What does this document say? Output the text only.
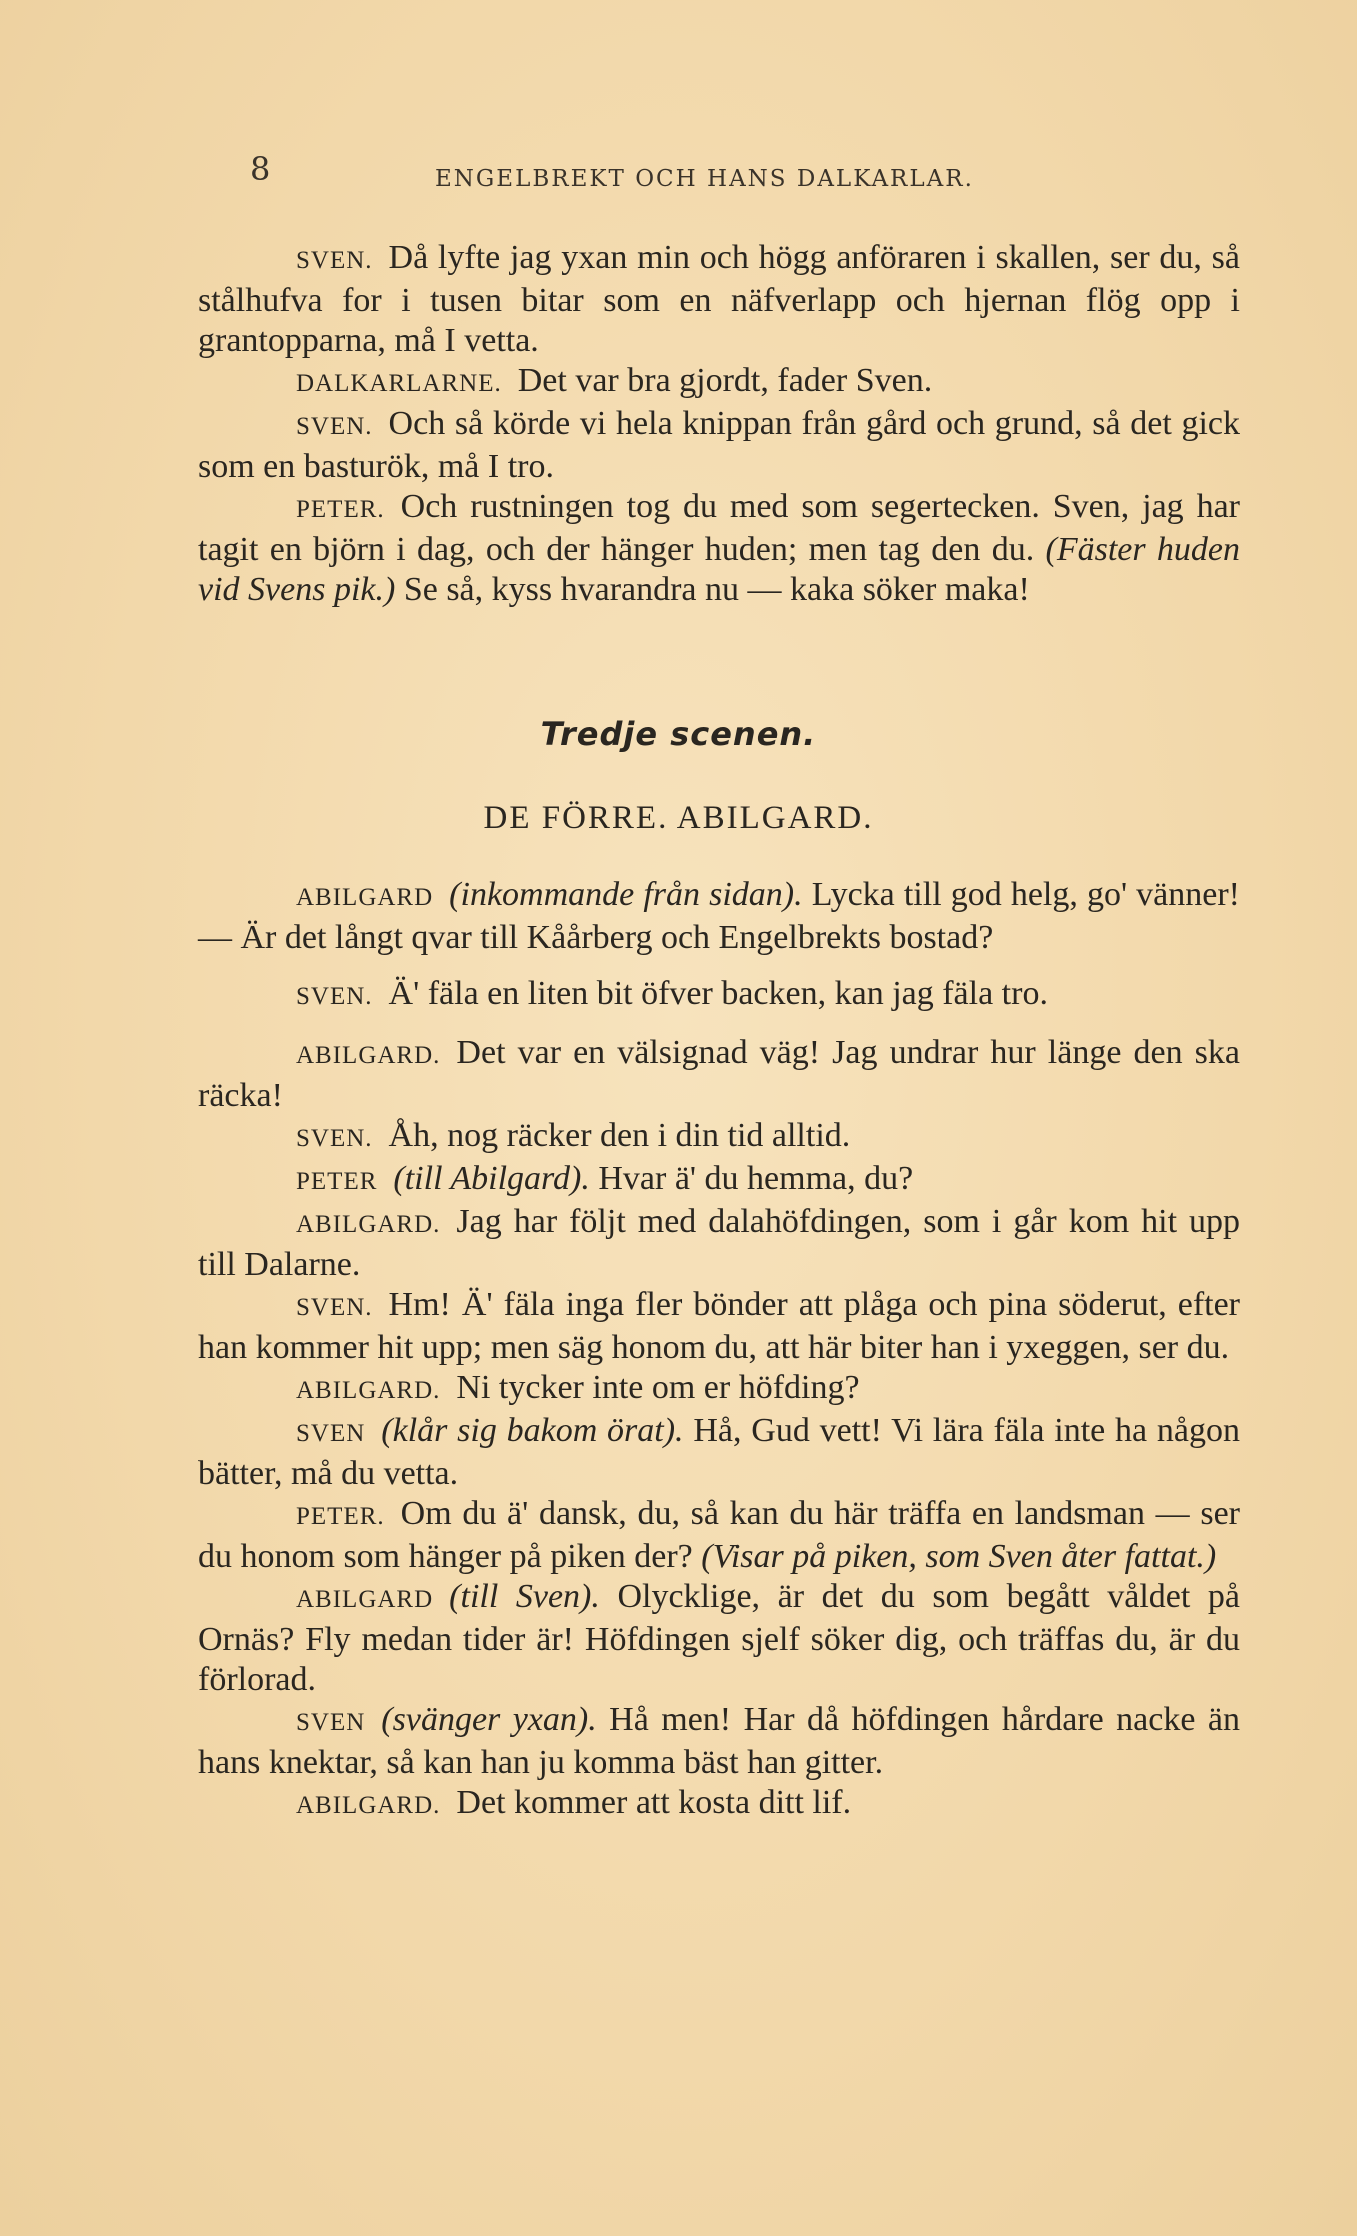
8	ENGELBREKT OCH HANS DALKARLAR.

SVEN. Då lyfte jag yxan min och högg anföraren i skallen, ser du, så stålhufva for i tusen bitar som en näfverlapp och hjernan flög opp i grantopparna, må I vetta.

DALKARLARNE. Det var bra gjordt, fader Sven.

SVEN. Och så körde vi hela knippan från gård och grund, så det gick som en basturök, må I tro.

PETER. Och rustningen tog du med som segertecken. Sven, jag har tagit en björn i dag, och der hänger huden; men tag den du. (Fäster huden vid Svens pik.) Se så, kyss hvarandra nu — kaka söker maka!

Tredje scenen.
DE FÖRRE. ABILGARD.

ABILGARD (inkommande från sidan). Lycka till god helg, go' vänner! — Är det långt qvar till Kåårberg och Engelbrekts bostad?

SVEN. Ä' fäla en liten bit öfver backen, kan jag fäla tro.

ABILGARD. Det var en välsignad väg! Jag undrar hur länge den ska räcka!

SVEN. Åh, nog räcker den i din tid alltid.

PETER (till Abilgard). Hvar ä' du hemma, du?

ABILGARD. Jag har följt med dalahöfdingen, som i går kom hit upp till Dalarne.

SVEN. Hm! Ä' fäla inga fler bönder att plåga och pina söderut, efter han kommer hit upp; men säg honom du, att här biter han i yxeggen, ser du.

ABILGARD. Ni tycker inte om er höfding?

SVEN (klår sig bakom örat). Hå, Gud vett! Vi lära fäla inte ha någon bätter, må du vetta.

PETER. Om du ä' dansk, du, så kan du här träffa en landsman — ser du honom som hänger på piken der? (Visar på piken, som Sven åter fattat.)

ABILGARD (till Sven). Olycklige, är det du som begått våldet på Ornäs? Fly medan tider är! Höfdingen sjelf söker dig, och träffas du, är du förlorad.

SVEN (svänger yxan). Hå men! Har då höfdingen hårdare nacke än hans knektar, så kan han ju komma bäst han gitter.

ABILGARD. Det kommer att kosta ditt lif.
